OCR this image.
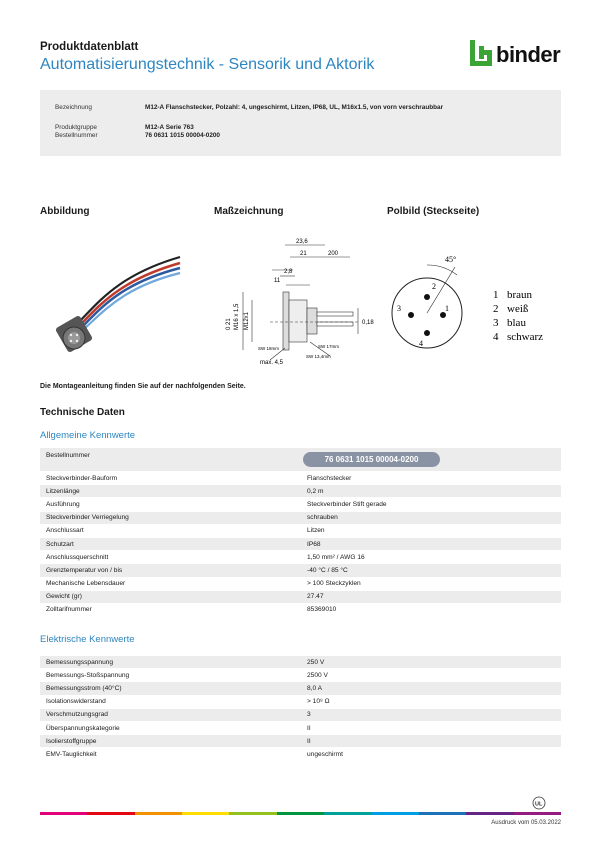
Produktdatenblatt
Automatisierungstechnik - Sensorik und Aktorik	binder
Bezeichnung	M12-A Flanschstecker, Polzahl: 4, ungeschirmt, Litzen, IP68, UL, M16x1.5, von vorn verschraubbar
Produktgruppe	M12-A Serie 763
Bestellnummer	76 0631 1015 00004-0200
Abbildung	Maßzeichnung	Polbild (Steckseite)
23,6
21	200
2,8
11
0,18
M16 x 1,5
0 21 M12x1
SW 18mm	SW 17mm
SW 13,4mm
max. 4,5
45°
2
3	1
4
1 braun
2 weiß
3 blau
4 schwarz
Die Montageanleitung finden Sie auf der nachfolgenden Seite.
Technische Daten
Allgemeine Kennwerte
Bestellnummer	76 0631 1015 00004-0200
Steckverbinder-Bauform	Flanschstecker
Litzenlänge	0,2 m
Ausführung	Steckverbinder Stift gerade
Steckverbinder Verriegelung	schrauben
Anschlussart	Litzen
Schutzart	IP68
Anschlussquerschnitt	1,50 mm² / AWG 16
Grenztemperatur von / bis	-40 °C / 85 °C
Mechanische Lebensdauer	> 100 Steckzyklen
Gewicht (gr)	27.47
Zolltarifnummer	85369010
Elektrische Kennwerte
Bemessungsspannung	250 V
Bemessungs-Stoßspannung	2500 V
Bemessungsstrom (40°C)	8,0 A
Isolationswiderstand	> 10⁸ Ω
Verschmutzungsgrad	3
Überspannungskategorie	II
Isolierstoffgruppe	II
EMV-Tauglichkeit	ungeschirmt
UL
Ausdruck vom 05.03.2022
